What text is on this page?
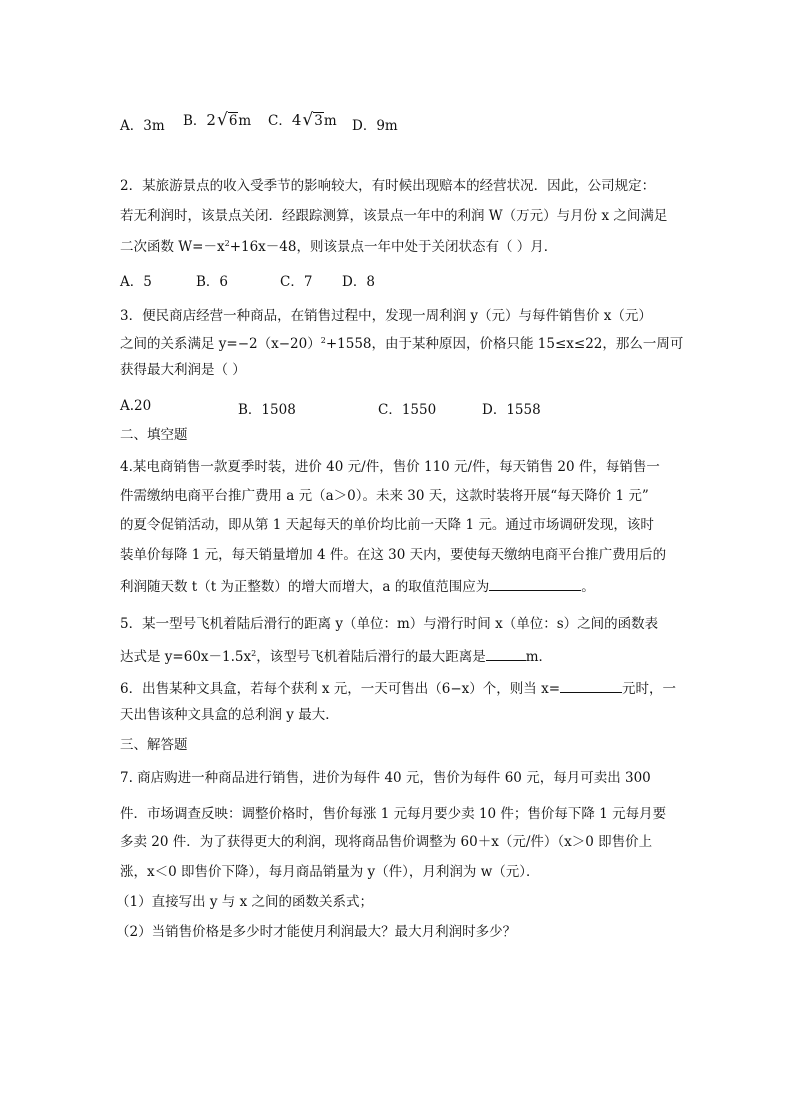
A．3m B．2√6m C．4√3m D．9m
2．某旅游景点的收入受季节的影响较大，有时候出现赔本的经营状况．因此，公司规定：
若无利润时，该景点关闭．经跟踪测算，该景点一年中的利润 W（万元）与月份 x 之间满足
二次函数 $W=-x^2+16x-48$，则该景点一年中处于关闭状态有（ ）月．
A．5	B．6	C．7 D．8
3．便民商店经营一种商品，在销售过程中，发现一周利润 y（元）与每件销售价 x（元）
之间的关系满足 $y=-2(x-20)^2+1558$，由于某种原因，价格只能 15≤x≤22，那么一周可
获得最大利润是（ ）
A.20	B．1508	C．1550	D．1558
二、填空题
4.某电商销售一款夏季时装，进价 40 元/件，售价 110 元/件，每天销售 20 件，每销售一
件需缴纳电商平台推广费用 a 元（a＞0）。未来 30 天，这款时装将开展“每天降价 1 元”
的夏令促销活动，即从第 1 天起每天的单价均比前一天降 1 元。通过市场调研发现，该时
装单价每降 1 元，每天销量增加 4 件。在这 30 天内，要使每天缴纳电商平台推广费用后的
利润随天数 t（t 为正整数）的增大而增大，a 的取值范围应为	。
5．某一型号飞机着陆后滑行的距离 y（单位：m）与滑行时间 x（单位：s）之间的函数表
达式是 $y=60x-1.5x^2$，该型号飞机着陆后滑行的最大距离是	m．
6．出售某种文具盒，若每个获利 x 元，一天可售出（6−x）个，则当 x=	元时，一
天出售该种文具盒的总利润 y 最大．
三、解答题
7. 商店购进一种商品进行销售，进价为每件 40 元，售价为每件 60 元，每月可卖出 300
件．市场调查反映：调整价格时，售价每涨 1 元每月要少卖 10 件；售价每下降 1 元每月要
多卖 20 件．为了获得更大的利润，现将商品售价调整为 60＋x（元/件）（x＞0 即售价上
涨，x＜0 即售价下降），每月商品销量为 y（件），月利润为 w（元）．
（1）直接写出 y 与 x 之间的函数关系式；
（2）当销售价格是多少时才能使月利润最大？最大月利润时多少？
